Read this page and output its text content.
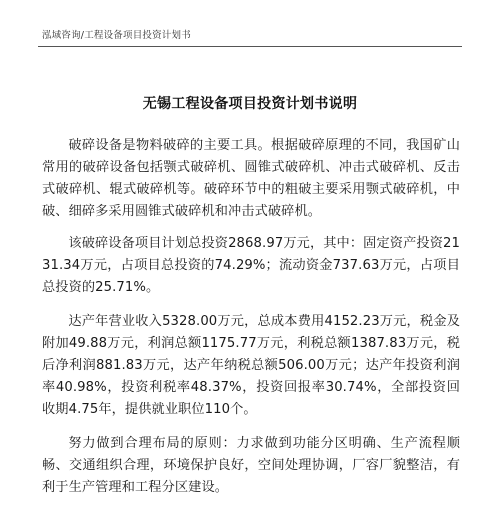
泓域咨询/工程设备项目投资计划书
无锡工程设备项目投资计划书说明

破碎设备是物料破碎的主要工具。根据破碎原理的不同，我国矿山常用的破碎设备包括颚式破碎机、圆锥式破碎机、冲击式破碎机、反击式破碎机、辊式破碎机等。破碎环节中的粗破主要采用颚式破碎机，中破、细碎多采用圆锥式破碎机和冲击式破碎机。

该破碎设备项目计划总投资2868.97万元，其中：固定资产投资2131.34万元，占项目总投资的74.29%；流动资金737.63万元，占项目总投资的25.71%。

达产年营业收入5328.00万元，总成本费用4152.23万元，税金及附加49.88万元，利润总额1175.77万元，利税总额1387.83万元，税后净利润881.83万元，达产年纳税总额506.00万元；达产年投资利润率40.98%，投资利税率48.37%，投资回报率30.74%，全部投资回收期4.75年，提供就业职位110个。

努力做到合理布局的原则：力求做到功能分区明确、生产流程顺畅、交通组织合理，环境保护良好，空间处理协调，厂容厂貌整洁，有利于生产管理和工程分区建设。
